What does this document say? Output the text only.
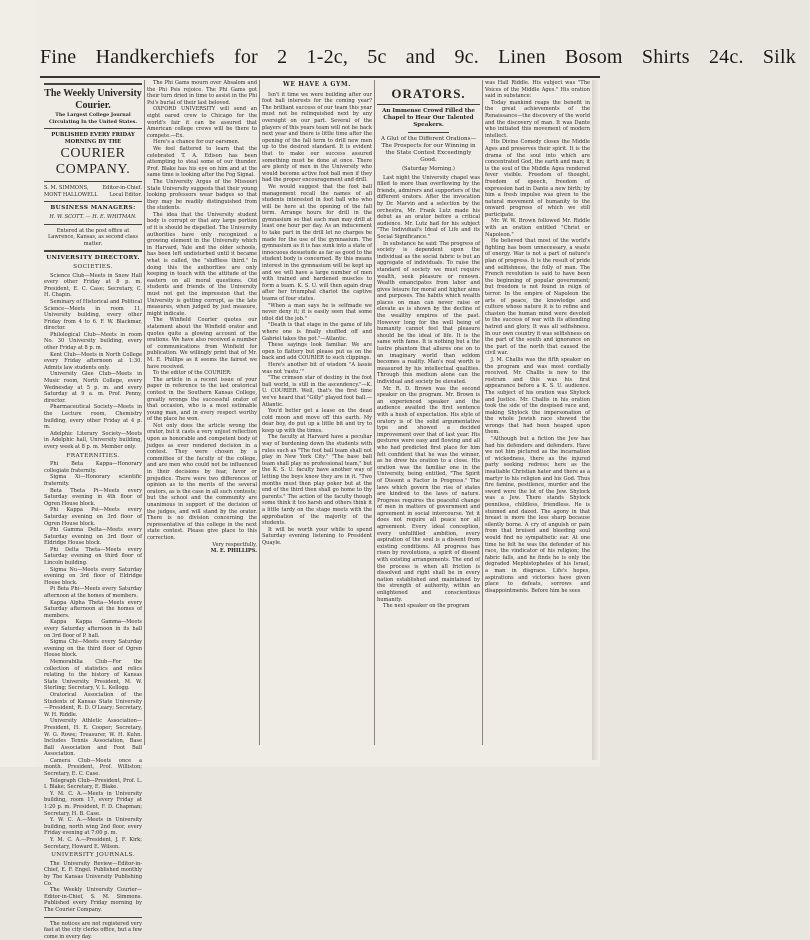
Fine Handkerchiefs for 2 1-2c, 5c and 9c. Linen Bosom Shirts 24c. Silk
The Weekly University Courier.
The Largest College Journal Circulating In the United States.
PUBLISHED EVERY FRIDAY MORNING BY THE
COURIER COMPANY.
S. M. SIMMONS,	Editor-in-Chief.
MONT HALLOWELL Local Editor.
BUSINESS MANAGERS:
H. W. SCOTT. — H. E. WHITMAN.
Entered at the post office at Lawrence, Kansas, as second class matter.
UNIVERSITY DIRECTORY.
SOCIETIES.

Science Club—Meets in Snow Hall every other Friday at 8 p. m. President, E. C. Case; Secretary, C. H. Chapin.

Seminary of Historical and Political Science—Meets in room 11, University building, every other Friday from 4 to 6. F. W. Blackmar, director.

Philological Club—Meets in room No. 30 University building, every other Friday at 8 p. m.

Kent Club—Meets in North College every Friday afternoon at 1:30. Admits law students only.

University Glee Club—Meets in Music room, North College, every Wednesday at 5 p. m. and every Saturday at 9 a. m. Prof. Penny, director.

Pharmaceutical Society—Meets in the Lecture room, Chemistry building, every other Friday at 4 p. m.

Adelphic Literary Society—Meets in Adelphic hall, University building, every week at 8 p. m. Member only.

FRATERNITIES.

Phi Beta Kappa—Honorary collegiate fraternity.

Sigma Xi—Honorary scientific fraternity.

Beta Theta Pi—Meets every Saturday evening in 4th floor of Ogren House block.

Phi Kappa Psi—Meets every Saturday evening on 3rd floor of Ogren House block.

Phi Gamma Delta—Meets every Saturday evening on 3rd floor of Eldridge House block.

Phi Delta Theta—Meets every Saturday evening on third floor of Lincoln building.

Sigma Nu—Meets every Saturday evening on 3rd floor of Eldridge House block.

Pi Beta Phi—Meets every Saturday afternoon at the homes of members.

Kappa Alpha Theta—Meets every Saturday afternoon at the homes of members.

Kappa Kappa Gamma—Meets every Saturday afternoon in its hall on 3rd floor of P. hall.

Sigma Chi—Meets every Saturday evening on the third floor of Ogren House block.

Memorabilia Club—For the collection of statistics and relics relating to the history of Kansas State University. President, M. W. Sterling; Secretary, V. L. Kellogg.

Oratorical Association of the Students of Kansas State University—President, R. D. O'Leary; Secretary, W. H. Riddle.

University Athletic Association—President, H. E. Cooper; Secretary, W. G. Rowe; Treasurer, W. H. Kuhn. Includes Tennis Association, Base Ball Association and Foot Ball Association.

Camera Club—Meets once a month. President, Prof. Williston; Secretary, E. C. Case.

Telegraph Club—President, Prof. L. I. Blake; Secretary, E. Blake.

Y. M. C. A.—Meets in University building, room 17, every Friday at 1:20 p. m. President, F. D. Chapman; Secretary, H. B. Case.

Y. W. C. A.—Meets in University building, north wing 2nd floor, every Friday evening at 7:00 p. m.

Y. M. C. A.—President, J. F. Kirk; Secretary, Howard E. Wilson.

UNIVERSITY JOURNALS.

The University Review—Editor-in-Chief, E. F. Engel. Published monthly by The Kansas University Publishing Co.

The Weekly University Courier—Editor-in-Chief, S. M. Simmons. Published every Friday morning by The Courier Company.

The notices are not registered very fast at the city clerks office, but a few come in every day.

The Phi Gams mourn over Absalom and the Phi Psis rejoice. The Phi Gams got their turn dried in time to assist in the Phi Psi's burial of their last beloved.

OXFORD UNIVERSITY will send an eight oared crew to Chicago for the world's fair it can be assured that American college crews will be there to compete.—Ex.

Here's a chance for our oarsmen.

We feel flattered to learn that the celebrated T. A. Edison has been attempting to steal some of our thunder. Prof. Blake has his eye on him and at the same time is looking after the Fog Signal.

The University Argus of the Missouri State University suggests that their young looking professors wear badges so that they may be readily distinguished from the students.

The idea that the University student body is corrupt or that any large portion of it is should be dispelled. The University authorities have only recognized a growing element in the University which in Harvard, Yale and the older schools, has been left undisturbed until it became what is called, the "sluffless third." In doing this the authorities are only keeping in touch with the attitude of the eastern on all moral questions. Old students and friends of the University must not get the impression that the University is getting corrupt, as the late measures, when judged by just measure, might indicate.

The Winfield Courier quotes our statement about the Winfield orator and quotes quite a glowing account of the orations. We have also received a number of communications from Winfield for publication. We willingly print that of Mr. M. E. Phillips as it seems the fairest we have received.

To the editor of the COURIER:

The article in a recent issue of your paper in reference to the last oratorical contest in the Southern Kansas College, greatly wrongs the successful orator of that occasion, who is a most estimable young man, and in every respect worthy of the place he won.

Not only does the article wrong the orator, but it casts a very unjust reflection upon as honorable and competent body of judges as ever rendered decision in a contest. They were chosen by a committee of the faculty of the college, and are men who could not be influenced in their decisions by fear, favor or prejudice. There were two differences of opinion as to the merits of the several orators, as is the case in all such contests; but the school and the community are unanimous in support of the decision of the judges, and will stand by the orator. There is no division concerning the representative of this college in the next state contest. Please give place to this correction.

Very respectfully,

M. E. PHILLIPS.

WE HAVE A GYM.

Isn't it time we were building after our foot ball interests for the coming year? The brilliant success of our team this year must not be relinquished next by any oversight on our part. Several of the players of this years team will not be back next year and there is little time after the opening of the fall term to drill new men up to the desired standard. It is evident that to make our success assured something must be done at once. There are plenty of men in the University who would become active foot ball men if they had the proper encouragement and drill.

We would suggest that the foot ball management recall the names of all students interested in foot ball who who will be here at the opening of the fall term. Arrange hours for drill in the gymnasium so that each man may drill at least one hour per day. As an inducement to take part in the drill let no charges be made for the use of the gymnasium. The gymnasium as it is has sunk into a state of innocuous desuetude as far as good to the student body is concerned. By this means interest in the gymnasium will be kept up and we will have a large number of men with trained and hardened muscles to form a team. K. S. U. will then again drag after her triumphal chariot the captive teams of four states.

"When a man says he is selfmade we never deny it; it is easily seen that some idiot did the job."

"Death is that stage in the game of life where one is finally shuffled off and Gabriel takes the pot."—Atlantic.

These sayings look familiar. We are open to flattery but please put us on the back and add COURIER to such clippings.

Here's another bit of wisdom "A lassie was not 'rastu.'"

"The crimson star of destiny in the foot ball world, is still in the ascendency."—K. U. COURIER. Well, that's the first time we've heard that "Gilly" played foot ball.—Atlantic.

You'd better get a lease on the dead cold moon and move off this earth. My dear boy, do put up a little bit and try to keep up with the times.

The faculty at Harvard have a peculiar way of burdening down the students with rules such as "The foot ball team shall not play in New York City." "The base ball team shall play no professional team," but the K. S. U. faculty have another way of letting the boys know they are in it. "Two months must then play poker but at the end of the third then shall go home to thy parents." The action of the faculty though some think it too harsh and others think it a little tardy on the stage meets with the approbation of the majority of the students.

It will be worth your while to spend Saturday evening listening to President Quayle.

ORATORS.
An Immense Crowd Filled the Chapel to Hear Our Talented Speakers.
A Glut of the Different Orations—The Prospects for our Winning in the State Contest Exceedingly Good.
(Saturday Morning.)

Last night the University chapel was filled to more than overflowing by the friends, admirers and supporters of the different orators. After the invocation by Dr. Marvin and a selection by the orchestra, Mr. Frank Lutz made his debut as an orator before a critical audience. Mr. Lutz had for his subject "The Individual's Ideal of Life and its Social Significance."

In substance he said: The progress of society is dependent upon the individual as the social fabric is but an aggregate of individuals. To raise the standard of society we must require wealth, seek pleasure or renown. Wealth emancipates from labor and gives leisure for moral and higher aims and purposes. The habits which wealth places on man can never raise or elevate as is shown by the decline of the wealthy empires of the past. However long for the well being of humanity cannot feel that pleasure should be the ideal of life. It is the same with fame. It is nothing but a the lustre phantom that allures one on to an imaginary world than seldom becomes a reality. Man's real worth is measured by his intellectual qualities. Through this medium alone can the individual and society be elevated.

Mr. R. D. Brown was the second speaker on the program. Mr. Brown is an experienced speaker and the audience awaited the first sentence with a hush of expectation. His style of oratory is of the solid argumentative type and showed a decided improvement over that of last year. His gestures were easy and flowing and all who had predicted first place for him felt confident that he was the winner, as he drew his oration to a close. His oration was the familiar one in the University, being entitled, "The Spirit of Dissent a Factor in Progress." The laws which govern the rise of states are kindred to the laws of nature. Progress requires the peaceful change of men in matters of government and agreement in social intercourse. Yet it does not require all peace nor all agreement. Every ideal conception, every unfulfilled ambition, every aspiration of the soul is a dissent from existing conditions. All progress has risen by revolutions, a spirit of dissent with existing arrangements. The end of the process is when all friction is dissolved and right shall be in every nation established and maintained by the strength of authority, within an enlightened and conscientious humanity.

The next speaker on the program

was Hall Riddle. His subject was "The Voices of the Middle Ages." His oration said in substance:

Today mankind reaps the benefit in the great achievements of the Renaissance—the discovery of the world and the discovery of man. It was Dante who initiated this movement of modern intellect.

His Divine Comedy closes the Middle Ages and preserves their spirit. It is the drama of the soul into which are concentrated God, the earth and man; it is the soul of the Middle Ages rendered fever visible. Freedom of thought, freedom of speech, freedom of expression had in Dante a new birth; by him a fresh impulse was given to the natural movement of humanity to the onward progress of which we still participate.

Mr. W. W. Brown followed Mr. Riddle with an oration entitled "Christ or Napoleon."

He believed that most of the world's fighting has been unnecessary, a waste of energy. War is not a part of nature's plan of progress. It is the result of pride and selfishness, the folly of man. The French revolution is said to have been the beginning of popular government; but freedom is not found in reign of terror. In the empire of Napoleon the arts of peace, the knowledge and culture whose nature it is to refine and chasten the human mind were devoted to the success of war with its attending hatred and glory. It was all selfishness. In our own country it was selfishness on the part of the south and ignorance on the part of the north that caused the civil war.

J. M. Challis was the fifth speaker on the program and was most cordially received. Mr. Challis is new to the rostrum and this was his first appearance before a K. S. U. audience. The subject of his oration was Shylock and Justice. Mr. Challis in his oration took the side of the despised race and, making Shylock the impersonation of the whole Jewish race showed the wrongs that had been heaped upon them.

"Although but a fiction the Jew has had his defenders and defenders. Have we not him pictured as the incarnation of wickedness, there as the injured party seeking redress; here as the insatiable Christian hater and there as a martyr to his religion and his God. Thus fire famine, pestilence, murder and the sword were the lot of the Jew. Shylock was a Jew. There stands Shylock penniless, childless, friendless. He is stunned and dazed. The agony in that breast is more the less sharp because silently borne. A cry of anguish or pain from that bruised and bleeding soul would find no sympathetic ear. At one time he felt he was the defender of his race, the vindicator of his religion; the fabric falls, and he finds he is only the degraded Mephistopheles of his Israel, a man in disgrace. Life's hopes, aspirations and victories have given place to defeats, sorrows and disappointments. Before him he sees
